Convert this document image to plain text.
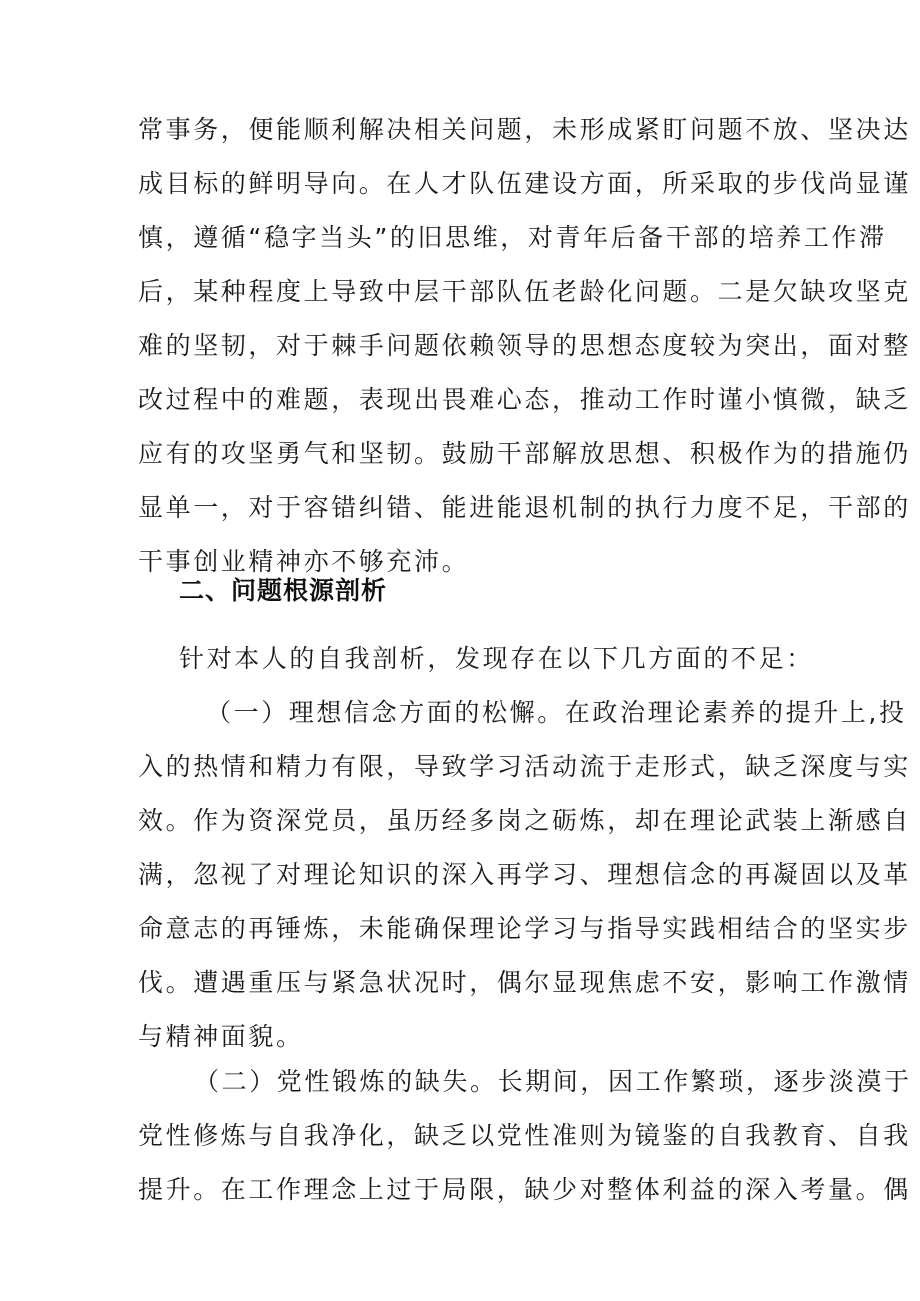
常事务，便能顺利解决相关问题，未形成紧盯问题不放、坚决达
成目标的鲜明导向。在人才队伍建设方面，所采取的步伐尚显谨
慎，遵循“稳字当头”的旧思维，对青年后备干部的培养工作滞
后，某种程度上导致中层干部队伍老龄化问题。二是欠缺攻坚克
难的坚韧，对于棘手问题依赖领导的思想态度较为突出，面对整
改过程中的难题，表现出畏难心态，推动工作时谨小慎微，缺乏
应有的攻坚勇气和坚韧。鼓励干部解放思想、积极作为的措施仍
显单一，对于容错纠错、能进能退机制的执行力度不足，干部的
干事创业精神亦不够充沛。
二、问题根源剖析
针对本人的自我剖析，发现存在以下几方面的不足：
（一）理想信念方面的松懈。在政治理论素养的提升上,投
入的热情和精力有限，导致学习活动流于走形式，缺乏深度与实
效。作为资深党员，虽历经多岗之砺炼，却在理论武装上渐感自
满，忽视了对理论知识的深入再学习、理想信念的再凝固以及革
命意志的再锤炼，未能确保理论学习与指导实践相结合的坚实步
伐。遭遇重压与紧急状况时，偶尔显现焦虑不安，影响工作激情
与精神面貌。
（二）党性锻炼的缺失。长期间，因工作繁琐，逐步淡漠于
党性修炼与自我净化，缺乏以党性准则为镜鉴的自我教育、自我
提升。在工作理念上过于局限，缺少对整体利益的深入考量。偶
